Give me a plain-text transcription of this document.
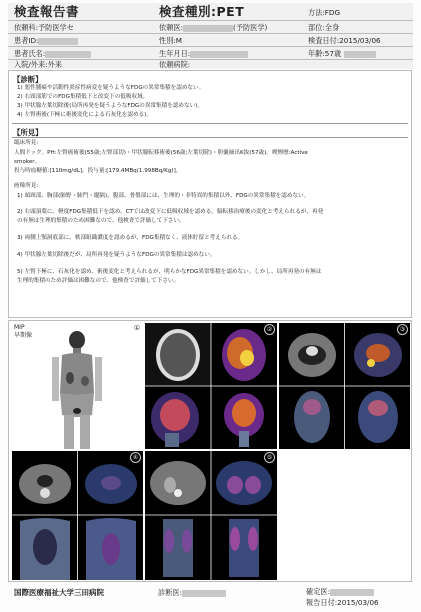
検査報告書	検査種別:PET	方法:FDG
依頼科:予防医学セ	依頼医:	(予防医学)	部位:全身
患者ID:	性別:M	検査日付:2015/03/06
患者氏名:	生年月日:	年齢:57歳
入院/外来:外来	依頼病院:
【診断】
1) 悪性腫瘍や活動性炎症性病変を疑うようなFDGの異常集積を認めない。
2) 右頸部筋でのFDG集積低下と改変下の低吸収域。
3) 甲状腺左葉切除後(局所再発を疑うようなFDGの異常集積を認めない)。
4) 左腎術後(下極に術後変化による石灰化を認める)。
【所見】
臨床所見:
人間ドック。PH:左腎癌術後(55歳;左腎部切)・甲状腺転移術後(56歳;左葉切除)・胆嚢摘出K抜(57歳)。喫煙歴:Active
smoker。
投与時血糖値:[110mg/dL]。投与量:[179.4MBq(1.998Bq/Kg)]。
画像所見:
1) 頭頸部、胸部(肺野・肺門・縦隔)、腹部、骨盤部には、生理的・非特異的集積以外、FDGの異常集積を認めない。
2) 右頭頂葉に、軽度FDG集積低下を認め、CTでは改変下に低吸収域を認める。脳転移治療後の変化と考えられるが、再発
の有無は生理的集積のため困難なので、他検査で評価して下さい。
3) 両側上顎洞底部に、軟部組織濃度を認めるが、FDG集積なく、液体貯留と考えられる。
4) 甲状腺左葉切除後だが、局所再発を疑うようなFDGの異常集積は認めない。
5) 左腎下極に、石灰化を認め、術後変化と考えられるが、明らかなFDG異常集積を認めない。しかし、局所再発の有無は
生理的集積のため評価は困難なので、他検査で評価して下さい。
MIP
早期像
①	②	③
④	⑤
国際医療福祉大学三田病院	診断医:	確定医:
報告日付:2015/03/06
